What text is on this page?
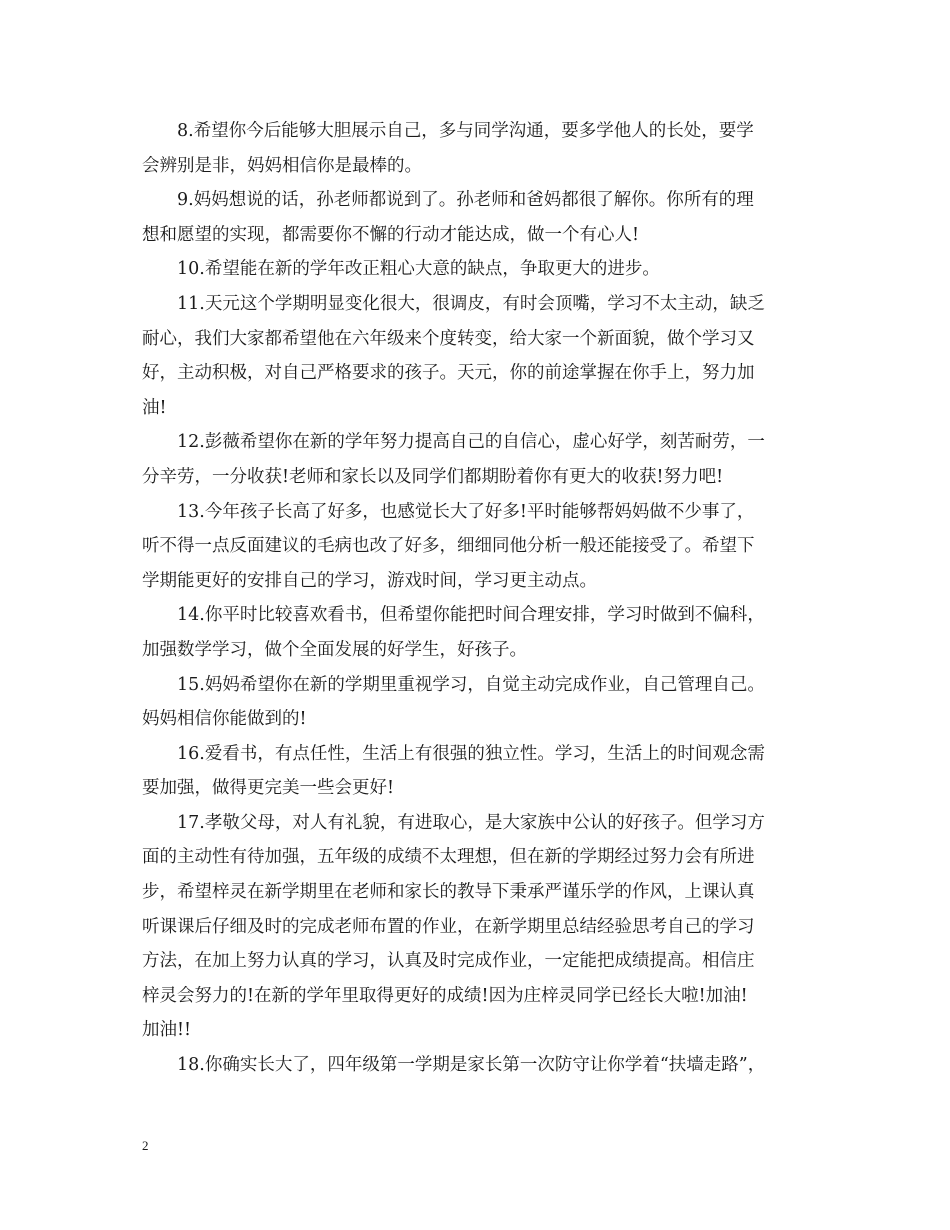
8.希望你今后能够大胆展示自己，多与同学沟通，要多学他人的长处，要学
会辨别是非，妈妈相信你是最棒的。
9.妈妈想说的话，孙老师都说到了。孙老师和爸妈都很了解你。你所有的理
想和愿望的实现，都需要你不懈的行动才能达成，做一个有心人!
10.希望能在新的学年改正粗心大意的缺点，争取更大的进步。
11.天元这个学期明显变化很大，很调皮，有时会顶嘴，学习不太主动，缺乏
耐心，我们大家都希望他在六年级来个度转变，给大家一个新面貌，做个学习又
好，主动积极，对自己严格要求的孩子。天元，你的前途掌握在你手上，努力加
油!
12.彭薇希望你在新的学年努力提高自己的自信心，虚心好学，刻苦耐劳，一
分辛劳，一分收获!老师和家长以及同学们都期盼着你有更大的收获!努力吧!
13.今年孩子长高了好多，也感觉长大了好多!平时能够帮妈妈做不少事了，
听不得一点反面建议的毛病也改了好多，细细同他分析一般还能接受了。希望下
学期能更好的安排自己的学习，游戏时间，学习更主动点。
14.你平时比较喜欢看书，但希望你能把时间合理安排，学习时做到不偏科，
加强数学学习，做个全面发展的好学生，好孩子。
15.妈妈希望你在新的学期里重视学习，自觉主动完成作业，自己管理自己。
妈妈相信你能做到的!
16.爱看书，有点任性，生活上有很强的独立性。学习，生活上的时间观念需
要加强，做得更完美一些会更好!
17.孝敬父母，对人有礼貌，有进取心，是大家族中公认的好孩子。但学习方
面的主动性有待加强，五年级的成绩不太理想，但在新的学期经过努力会有所进
步，希望梓灵在新学期里在老师和家长的教导下秉承严谨乐学的作风，上课认真
听课课后仔细及时的完成老师布置的作业，在新学期里总结经验思考自己的学习
方法，在加上努力认真的学习，认真及时完成作业，一定能把成绩提高。相信庄
梓灵会努力的!在新的学年里取得更好的成绩!因为庄梓灵同学已经长大啦!加油!
加油!!
18.你确实长大了，四年级第一学期是家长第一次防守让你学着“扶墙走路”，
2
